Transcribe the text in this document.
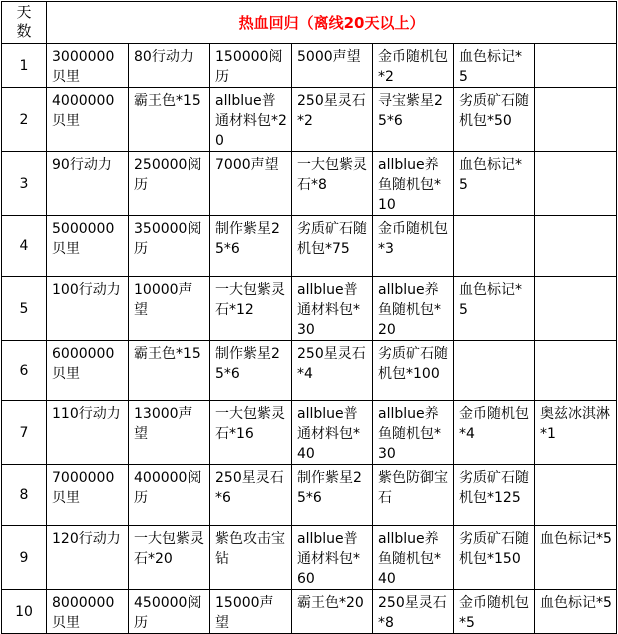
天
数	热血回归（离线20天以上）						
1	3000000贝里	80行动力	150000阅历	5000声望	金币随机包*2	血色标记*5	
2	4000000贝里	霸王色*15	allblue普通材料包*20	250星灵石*2	寻宝紫星25*6	劣质矿石随机包*50	
3	90行动力	250000阅历	7000声望	一大包紫灵石*8	allblue养鱼随机包*10	血色标记*5	
4	5000000贝里	350000阅历	制作紫星25*6	劣质矿石随机包*75	金币随机包*3		
5	100行动力	10000声望	一大包紫灵石*12	allblue普通材料包*30	allblue养鱼随机包*20	血色标记*5	
6	6000000贝里	霸王色*15	制作紫星25*6	250星灵石*4	劣质矿石随机包*100		
7	110行动力	13000声望	一大包紫灵石*16	allblue普通材料包*40	allblue养鱼随机包*30	金币随机包*4	奥兹冰淇淋*1
8	7000000贝里	400000阅历	250星灵石*6	制作紫星25*6	紫色防御宝石	劣质矿石随机包*125	
9	120行动力	一大包紫灵石*20	紫色攻击宝钻	allblue普通材料包*60	allblue养鱼随机包*40	劣质矿石随机包*150	血色标记*5
10	8000000贝里	450000阅历	15000声望	霸王色*20	250星灵石*8	金币随机包*5	血色标记*5
